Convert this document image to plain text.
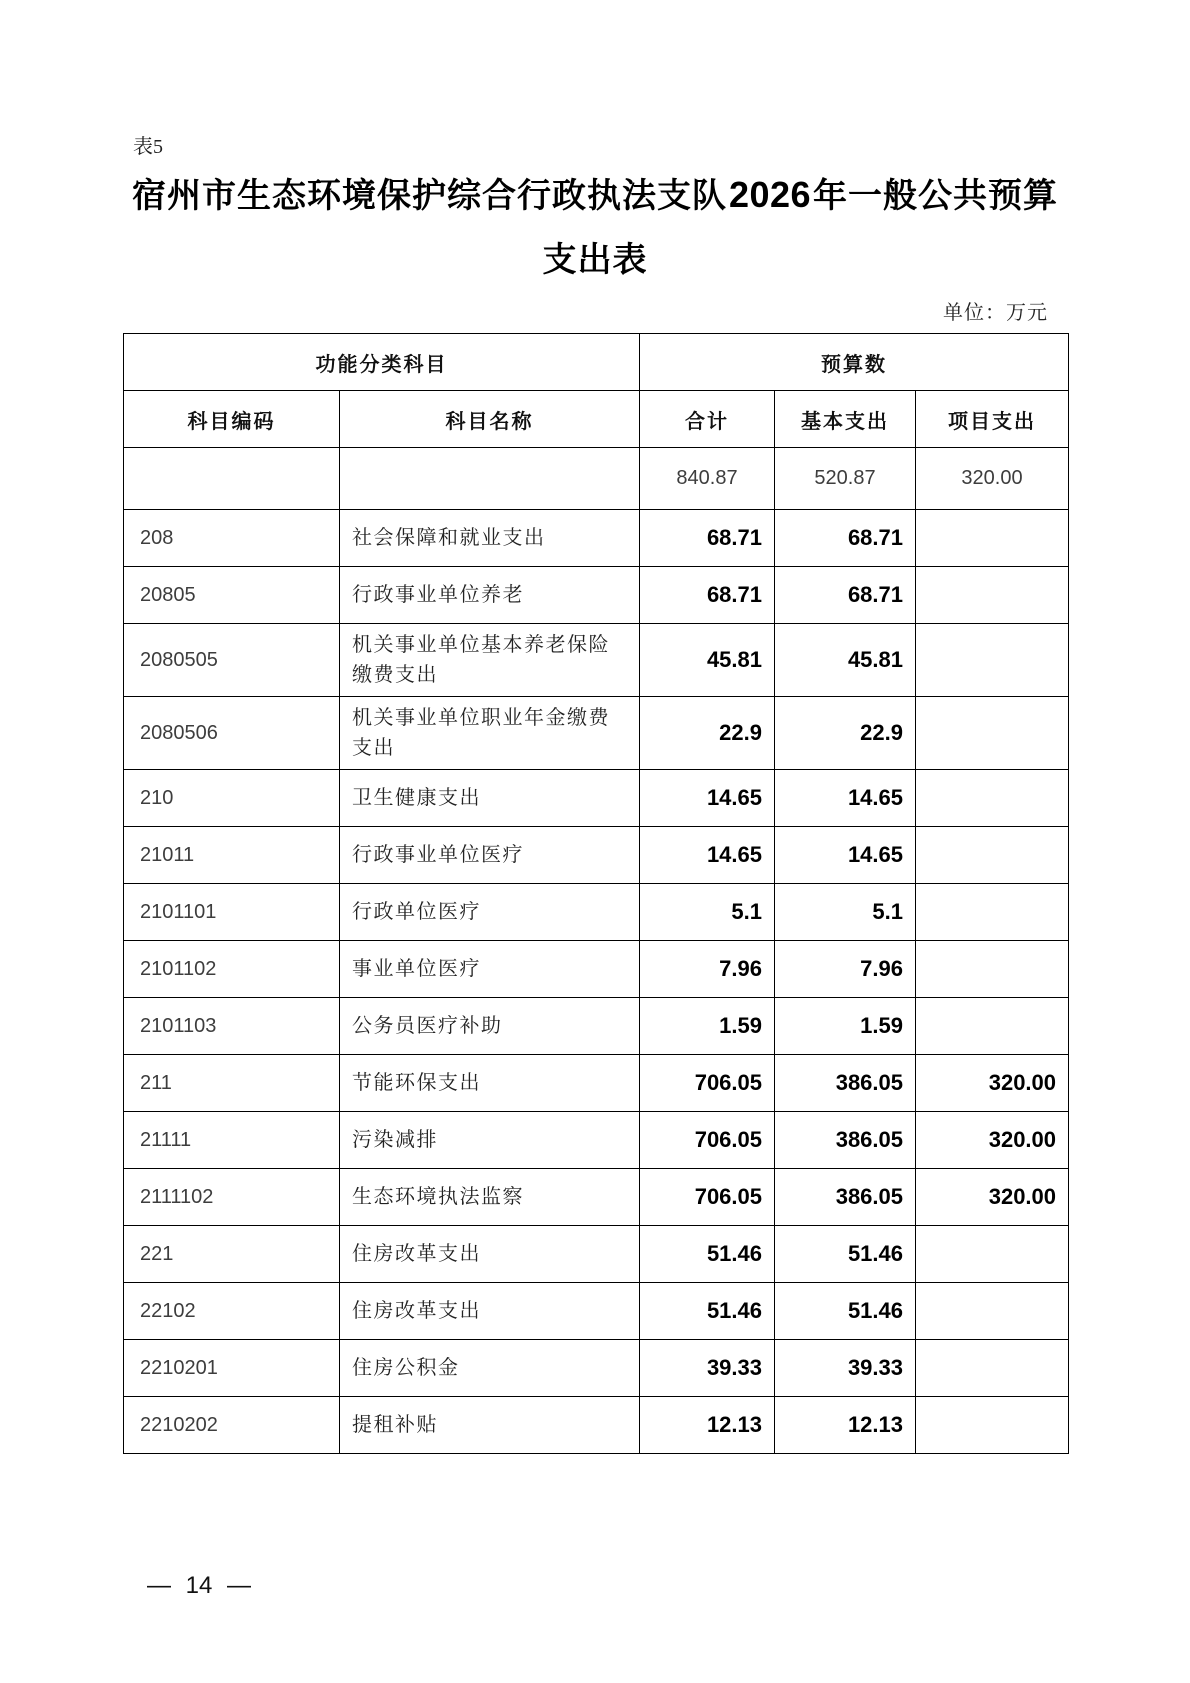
表5
宿州市生态环境保护综合行政执法支队2026年一般公共预算支出表
单位：万元
功能分类科目		预算数		
科目编码	科目名称	合计	基本支出	项目支出
		840.87	520.87	320.00
208	社会保障和就业支出	68.71	68.71	
20805	行政事业单位养老	68.71	68.71	
2080505	机关事业单位基本养老保险缴费支出	45.81	45.81	
2080506	机关事业单位职业年金缴费支出	22.9	22.9	
210	卫生健康支出	14.65	14.65	
21011	行政事业单位医疗	14.65	14.65	
2101101	行政单位医疗	5.1	5.1	
2101102	事业单位医疗	7.96	7.96	
2101103	公务员医疗补助	1.59	1.59	
211	节能环保支出	706.05	386.05	320.00
21111	污染减排	706.05	386.05	320.00
2111102	生态环境执法监察	706.05	386.05	320.00
221	住房改革支出	51.46	51.46	
22102	住房改革支出	51.46	51.46	
2210201	住房公积金	39.33	39.33	
2210202	提租补贴	12.13	12.13	
— 14 —
